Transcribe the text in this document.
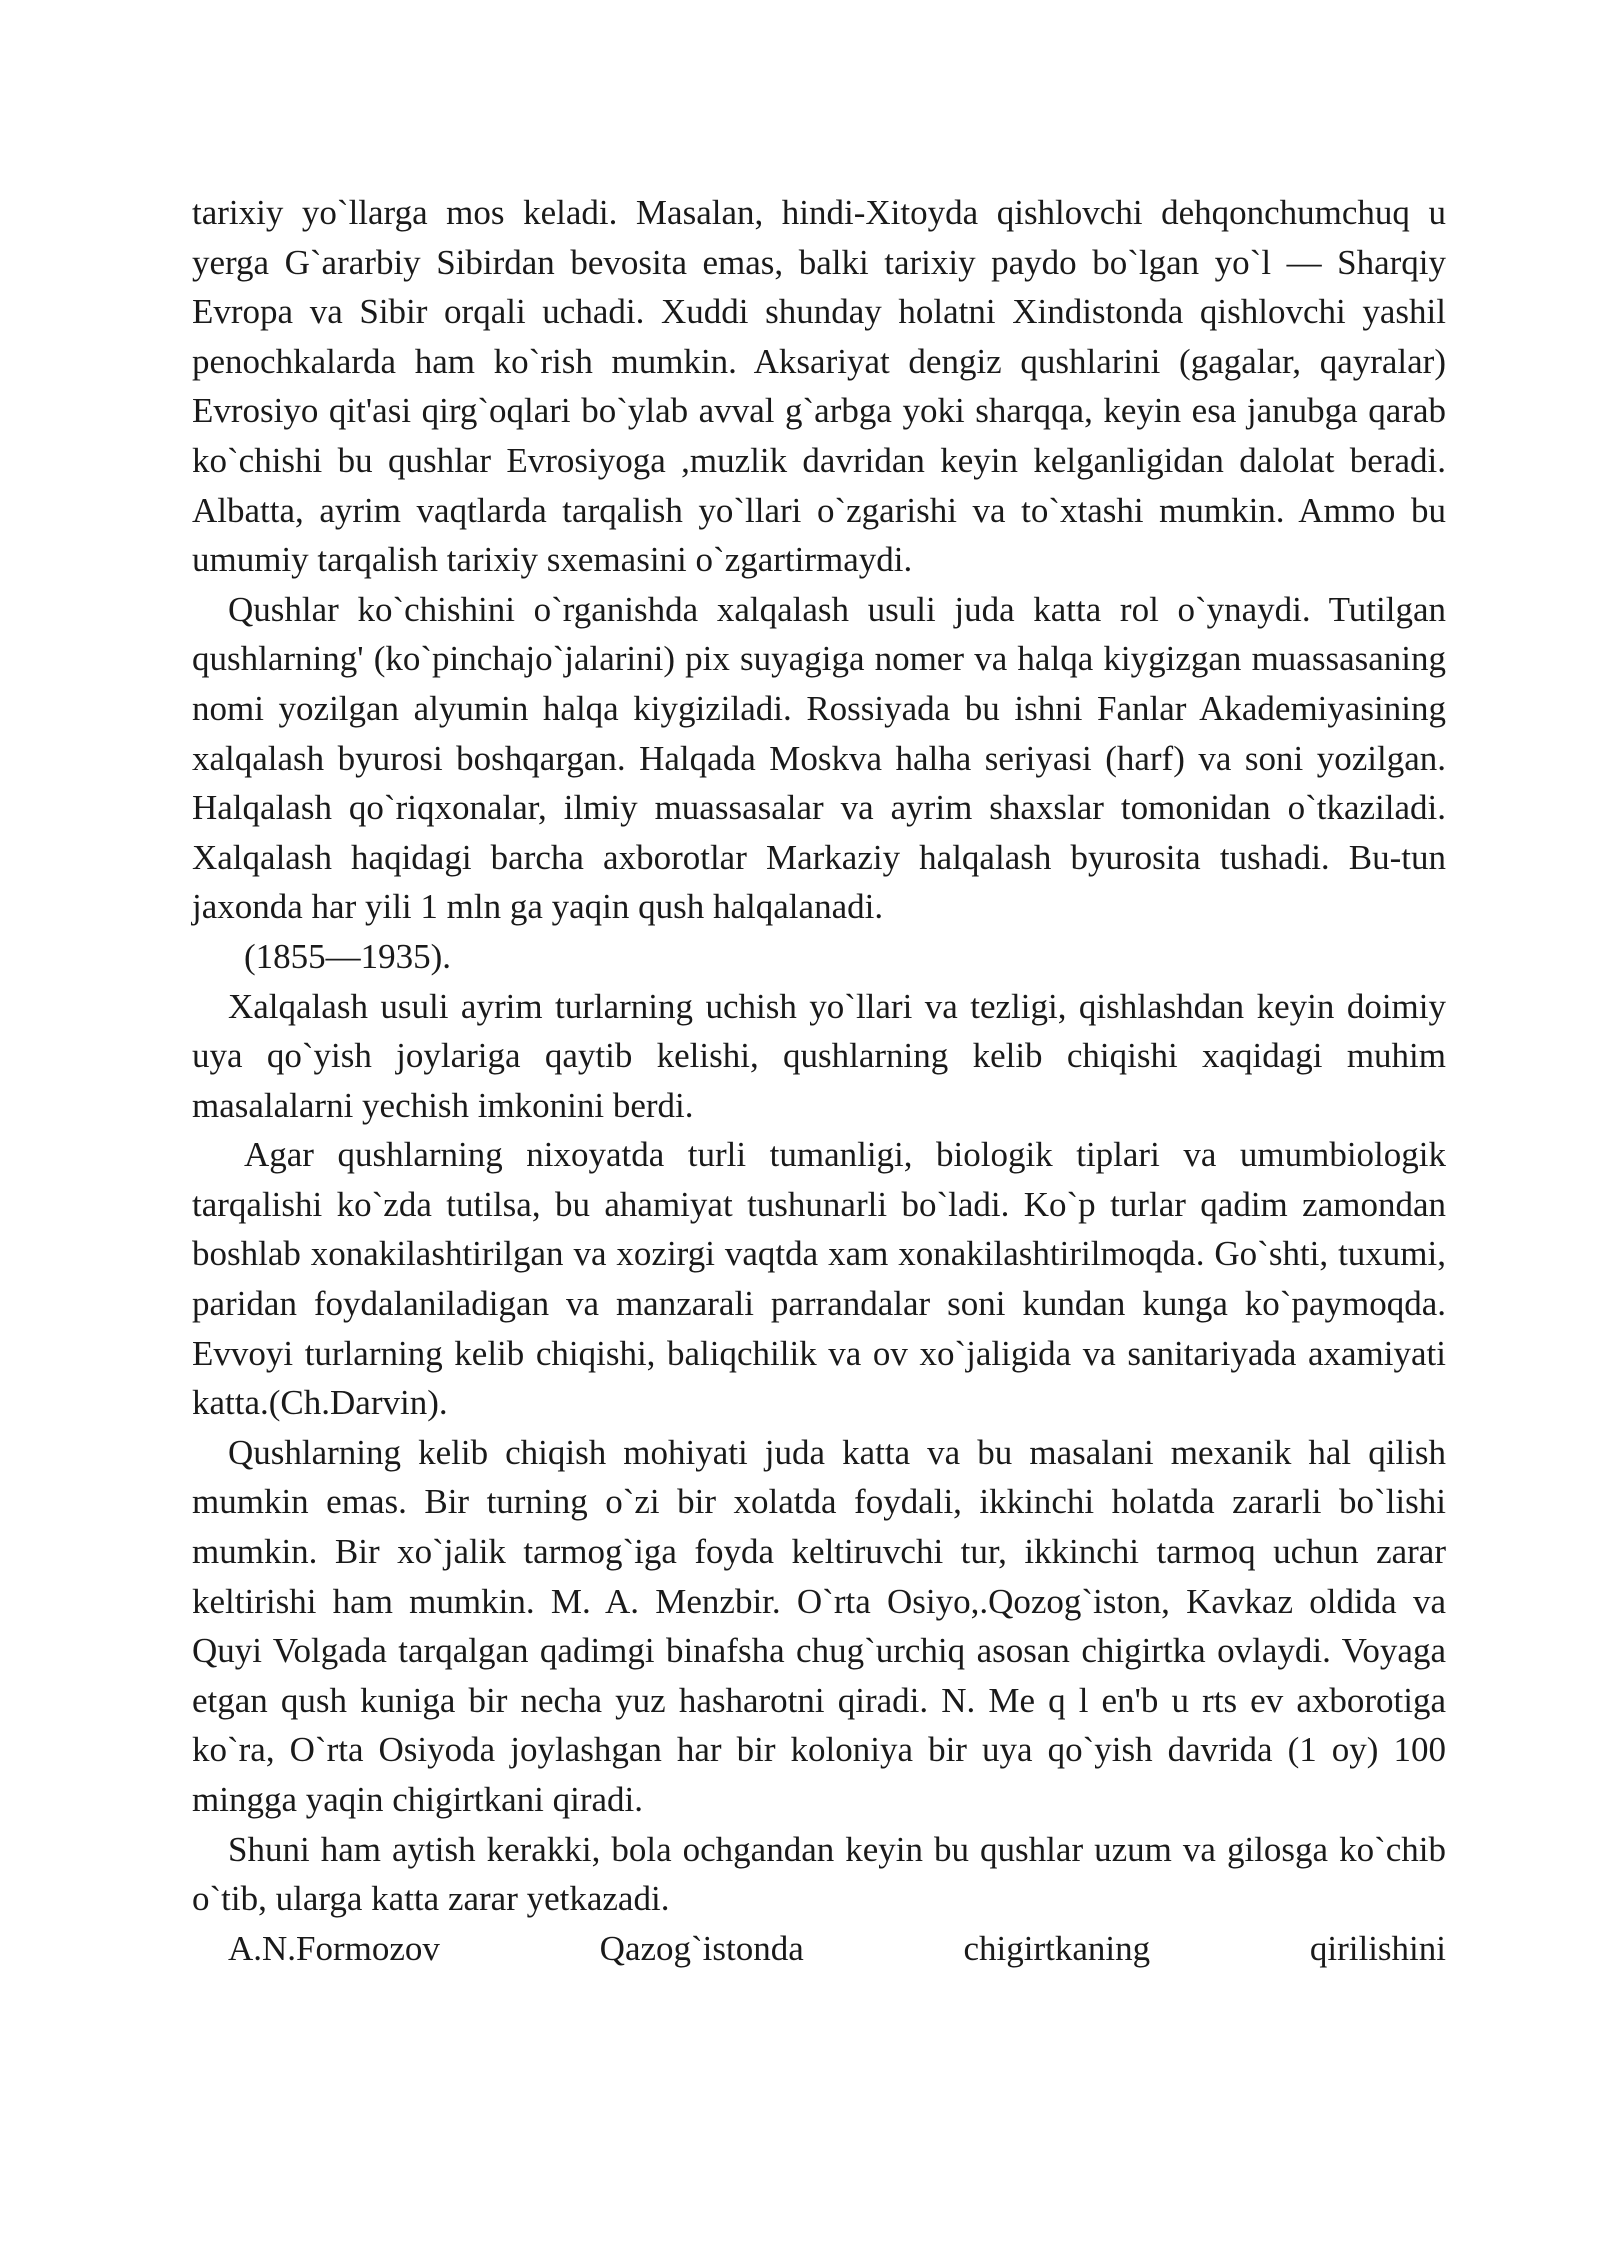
tarixiy yo`llarga mos keladi. Masalan, hindi-Xitoyda qishlovchi dehqonchumchuq u yerga G`ararbiy Sibirdan bevosita emas, balki tarixiy paydo bo`lgan yo`l — Sharqiy Evropa va Sibir orqali uchadi. Xuddi shunday holatni Xindistonda qishlovchi yashil penochkalarda ham ko`rish mumkin. Aksariyat dengiz qushlarini (gagalar, qayralar) Evrosiyo qit'asi qirg`oqlari bo`ylab avval g`arbga yoki sharqqa, keyin esa janubga qarab ko`chishi bu qushlar Evrosiyoga ,muzlik davridan keyin kelganligidan dalolat beradi. Albatta, ayrim vaqtlarda tarqalish yo`llari o`zgarishi va to`xtashi mumkin. Ammo bu umumiy tarqalish tarixiy sxemasini o`zgartirmaydi.

Qushlar ko`chishini o`rganishda xalqalash usuli juda katta rol o`ynaydi. Tutilgan qushlarning' (ko`pinchajo`jalarini) pix suyagiga nomer va halqa kiygizgan muassasaning nomi yozilgan alyumin halqa kiygiziladi. Rossiyada bu ishni Fanlar Akademiyasining xalqalash byurosi boshqargan. Halqada Moskva halha seriyasi (harf) va soni yozilgan. Halqalash qo`riqxonalar, ilmiy muassasalar va ayrim shaxslar tomonidan o`tkaziladi. Xalqalash haqidagi barcha axborotlar Markaziy halqalash byurosita tushadi. Bu-tun jaxonda har yili 1 mln ga yaqin qush halqalanadi.

(1855—1935).

Xalqalash usuli ayrim turlarning uchish yo`llari va tezligi, qishlashdan keyin doimiy uya qo`yish joylariga qaytib kelishi, qushlarning kelib chiqishi xaqidagi muhim masalalarni yechish imkonini berdi.

Agar qushlarning nixoyatda turli tumanligi, biologik tiplari va umumbiologik tarqalishi ko`zda tutilsa, bu ahamiyat tushunarli bo`ladi. Ko`p turlar qadim zamondan boshlab xonakilashtirilgan va xozirgi vaqtda xam xonakilashtirilmoqda. Go`shti, tuxumi, paridan foydalaniladigan va manzarali parrandalar soni kundan kunga ko`paymoqda. Evvoyi turlarning kelib chiqishi, baliqchilik va ov xo`jaligida va sanitariyada axamiyati katta.(Ch.Darvin).

Qushlarning kelib chiqish mohiyati juda katta va bu masalani mexanik hal qilish mumkin emas. Bir turning o`zi bir xolatda foydali, ikkinchi holatda zararli bo`lishi mumkin. Bir xo`jalik tarmog`iga foyda keltiruvchi tur, ikkinchi tarmoq uchun zarar keltirishi ham mumkin. M. A. Menzbir. O`rta Osiyo,.Qozog`iston, Kavkaz oldida va Quyi Volgada tarqalgan qadimgi binafsha chug`urchiq asosan chigirtka ovlaydi. Voyaga etgan qush kuniga bir necha yuz hasharotni qiradi. N. Me q l en'b u rts ev axborotiga ko`ra, O`rta Osiyoda joylashgan har bir koloniya bir uya qo`yish davrida (1 oy) 100 mingga yaqin chigirtkani qiradi.

Shuni ham aytish kerakki, bola ochgandan keyin bu qushlar uzum va gilosga ko`chib o`tib, ularga katta zarar yetkazadi.

A.N.Formozov Qazog`istonda chigirtkaning qirilishini
